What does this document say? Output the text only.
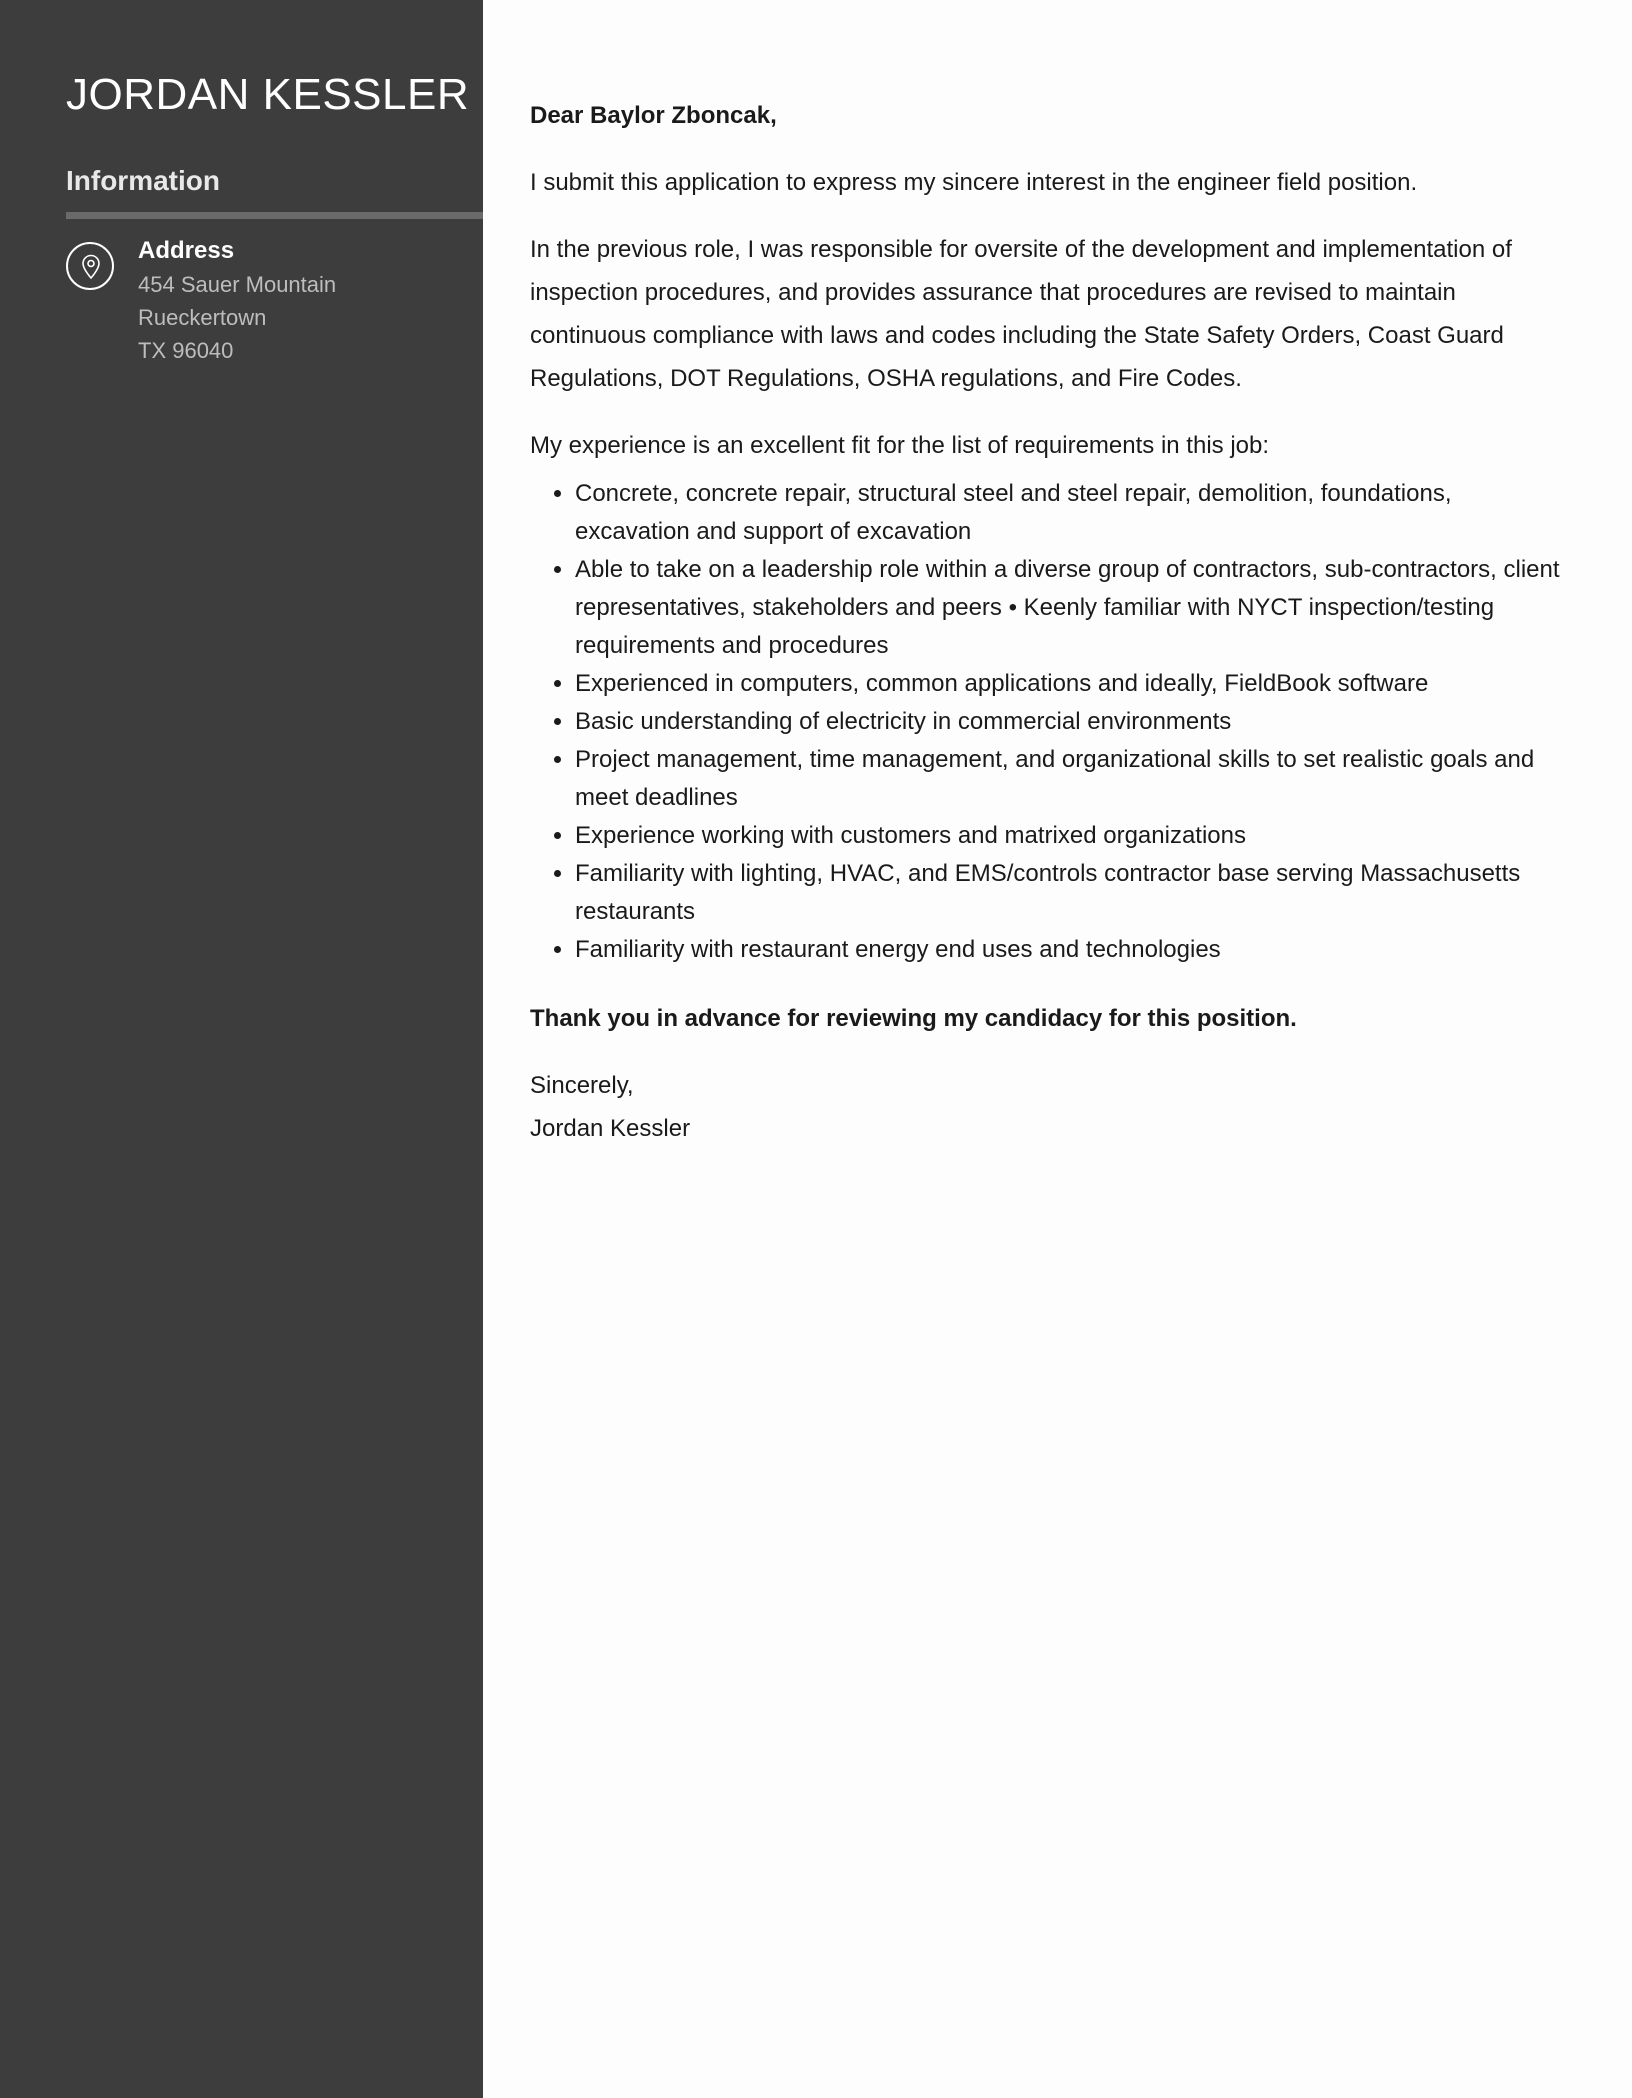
JORDAN KESSLER
Information
Address
454 Sauer Mountain
Rueckertown
TX 96040

Dear Baylor Zboncak,

I submit this application to express my sincere interest in the engineer field position.

In the previous role, I was responsible for oversite of the development and implementation of inspection procedures, and provides assurance that procedures are revised to maintain continuous compliance with laws and codes including the State Safety Orders, Coast Guard Regulations, DOT Regulations, OSHA regulations, and Fire Codes.

My experience is an excellent fit for the list of requirements in this job:

• Concrete, concrete repair, structural steel and steel repair, demolition, foundations, excavation and support of excavation
• Able to take on a leadership role within a diverse group of contractors, sub-contractors, client representatives, stakeholders and peers • Keenly familiar with NYCT inspection/testing requirements and procedures
• Experienced in computers, common applications and ideally, FieldBook software
• Basic understanding of electricity in commercial environments
• Project management, time management, and organizational skills to set realistic goals and meet deadlines
• Experience working with customers and matrixed organizations
• Familiarity with lighting, HVAC, and EMS/controls contractor base serving Massachusetts restaurants
• Familiarity with restaurant energy end uses and technologies

Thank you in advance for reviewing my candidacy for this position.

Sincerely,

Jordan Kessler
